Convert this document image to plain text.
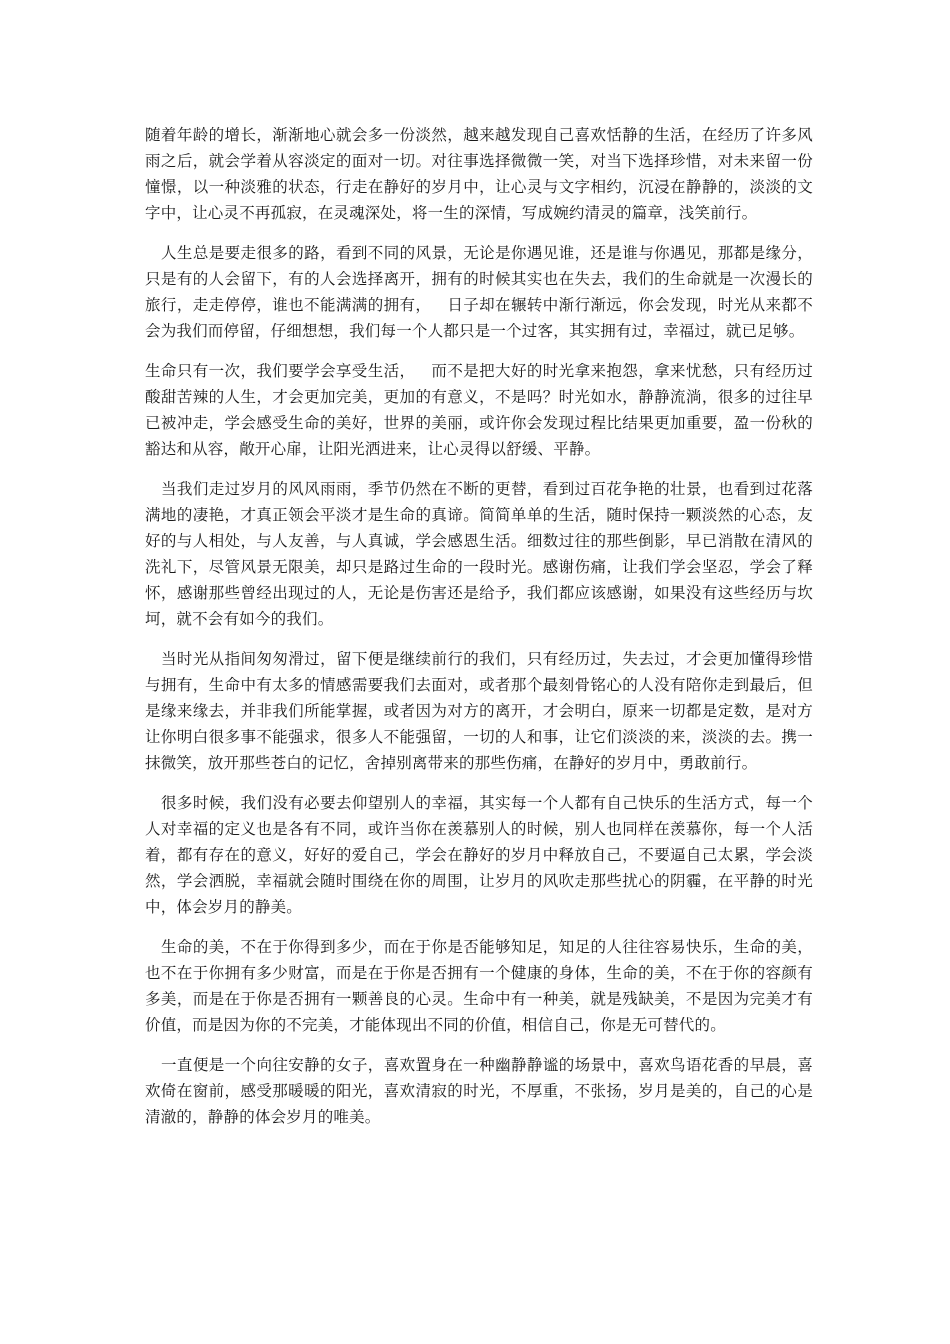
随着年龄的增长，渐渐地心就会多一份淡然，越来越发现自己喜欢恬静的生活，在经历了许多风雨之后，就会学着从容淡定的面对一切。对往事选择微微一笑，对当下选择珍惜，对未来留一份憧憬，以一种淡雅的状态，行走在静好的岁月中，让心灵与文字相约，沉浸在静静的，淡淡的文字中，让心灵不再孤寂，在灵魂深处，将一生的深情，写成婉约清灵的篇章，浅笑前行。

人生总是要走很多的路，看到不同的风景，无论是你遇见谁，还是谁与你遇见，那都是缘分，只是有的人会留下，有的人会选择离开，拥有的时候其实也在失去，我们的生命就是一次漫长的旅行，走走停停，谁也不能满满的拥有，   日子却在辗转中渐行渐远，你会发现，时光从来都不会为我们而停留，仔细想想，我们每一个人都只是一个过客，其实拥有过，幸福过，就已足够。

生命只有一次，我们要学会享受生活，   而不是把大好的时光拿来抱怨，拿来忧愁，只有经历过酸甜苦辣的人生，才会更加完美，更加的有意义，不是吗？时光如水，静静流淌，很多的过往早已被冲走，学会感受生命的美好，世界的美丽，或许你会发现过程比结果更加重要，盈一份秋的豁达和从容，敞开心扉，让阳光洒进来，让心灵得以舒缓、平静。

当我们走过岁月的风风雨雨，季节仍然在不断的更替，看到过百花争艳的壮景，也看到过花落满地的凄艳，才真正领会平淡才是生命的真谛。简简单单的生活，随时保持一颗淡然的心态，友好的与人相处，与人友善，与人真诚，学会感恩生活。细数过往的那些倒影，早已消散在清风的洗礼下，尽管风景无限美，却只是路过生命的一段时光。感谢伤痛，让我们学会坚忍，学会了释怀，感谢那些曾经出现过的人，无论是伤害还是给予，我们都应该感谢，如果没有这些经历与坎坷，就不会有如今的我们。

当时光从指间匆匆滑过，留下便是继续前行的我们，只有经历过，失去过，才会更加懂得珍惜与拥有，生命中有太多的情感需要我们去面对，或者那个最刻骨铭心的人没有陪你走到最后，但是缘来缘去，并非我们所能掌握，或者因为对方的离开，才会明白，原来一切都是定数，是对方让你明白很多事不能强求，很多人不能强留，一切的人和事，让它们淡淡的来，淡淡的去。携一抹微笑，放开那些苍白的记忆，舍掉别离带来的那些伤痛，在静好的岁月中，勇敢前行。

很多时候，我们没有必要去仰望别人的幸福，其实每一个人都有自己快乐的生活方式，每一个人对幸福的定义也是各有不同，或许当你在羡慕别人的时候，别人也同样在羡慕你，每一个人活着，都有存在的意义，好好的爱自己，学会在静好的岁月中释放自己，不要逼自己太累，学会淡然，学会洒脱，幸福就会随时围绕在你的周围，让岁月的风吹走那些扰心的阴霾，在平静的时光中，体会岁月的静美。

生命的美，不在于你得到多少，而在于你是否能够知足，知足的人往往容易快乐，生命的美，也不在于你拥有多少财富，而是在于你是否拥有一个健康的身体，生命的美，不在于你的容颜有多美，而是在于你是否拥有一颗善良的心灵。生命中有一种美，就是残缺美，不是因为完美才有价值，而是因为你的不完美，才能体现出不同的价值，相信自己，你是无可替代的。

一直便是一个向往安静的女子，喜欢置身在一种幽静静谧的场景中，喜欢鸟语花香的早晨，喜欢倚在窗前，感受那暖暖的阳光，喜欢清寂的时光，不厚重，不张扬，岁月是美的，自己的心是清澈的，静静的体会岁月的唯美。
